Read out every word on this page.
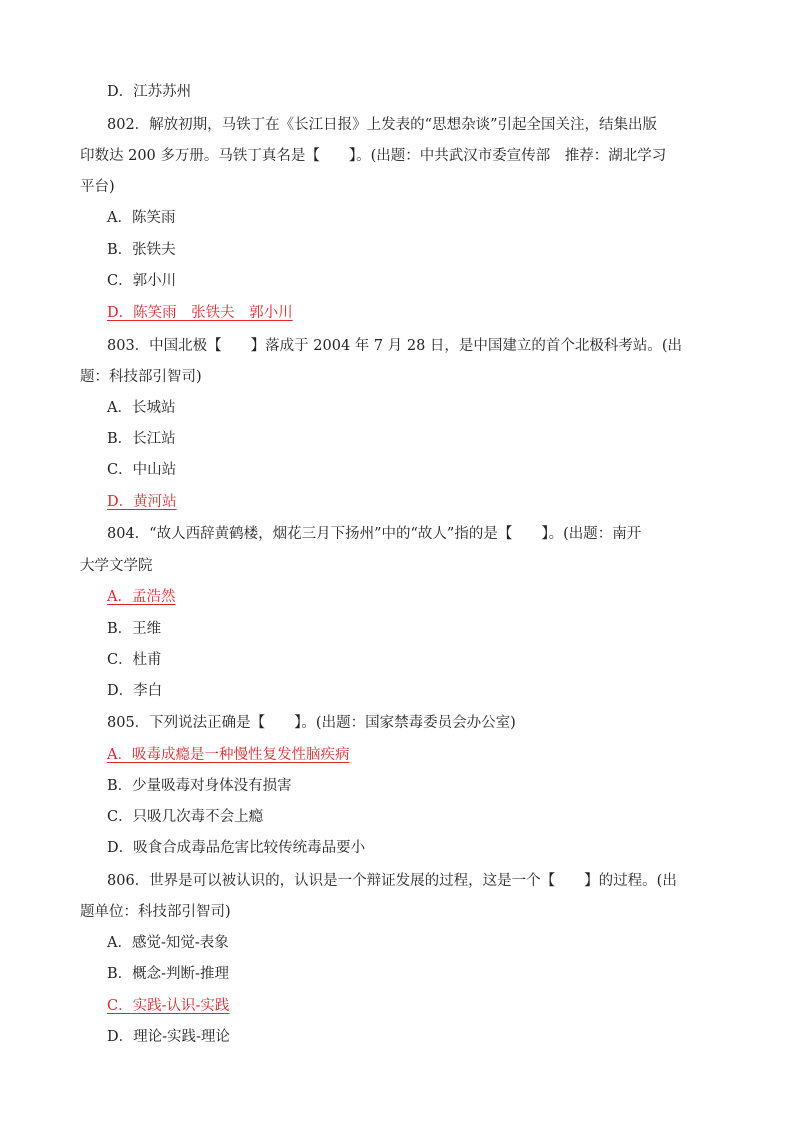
D．江苏苏州
802．解放初期，马铁丁在《长江日报》上发表的“思想杂谈”引起全国关注，结集出版
印数达 200 多万册。马铁丁真名是【　　】。(出题：中共武汉市委宣传部　推荐：湖北学习
平台)
A．陈笑雨
B．张铁夫
C．郭小川
D．陈笑雨　张铁夫　郭小川
803．中国北极【　　】落成于 2004 年 7 月 28 日，是中国建立的首个北极科考站。(出
题：科技部引智司)
A．长城站
B．长江站
C．中山站
D．黄河站
804．“故人西辞黄鹤楼，烟花三月下扬州”中的“故人”指的是【　　】。(出题：南开
大学文学院
A．孟浩然
B．王维
C．杜甫
D．李白
805．下列说法正确是【　　】。(出题：国家禁毒委员会办公室)
A．吸毒成瘾是一种慢性复发性脑疾病
B．少量吸毒对身体没有损害
C．只吸几次毒不会上瘾
D．吸食合成毒品危害比较传统毒品要小
806．世界是可以被认识的，认识是一个辩证发展的过程，这是一个【　　】的过程。(出
题单位：科技部引智司)
A．感觉-知觉-表象
B．概念-判断-推理
C．实践-认识-实践
D．理论-实践-理论
